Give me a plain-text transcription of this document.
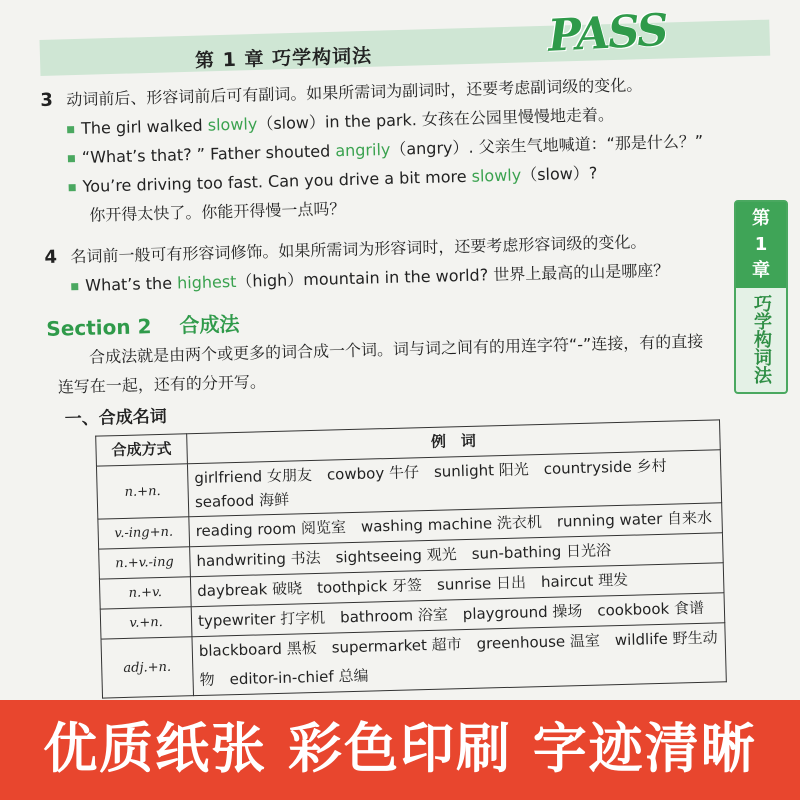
第 1 章 巧学构词法	PASS
第
1
章
巧学构词法
3 动词前后、形容词前后可有副词。如果所需词为副词时，还要考虑副词级的变化。
The girl walked slowly（slow）in the park. 女孩在公园里慢慢地走着。
“What’s that? ” Father shouted angrily（angry）. 父亲生气地喊道：“那是什么？”
You’re driving too fast. Can you drive a bit more slowly（slow）?
你开得太快了。你能开得慢一点吗？
4 名词前一般可有形容词修饰。如果所需词为形容词时，还要考虑形容词级的变化。
What’s the highest（high）mountain in the world? 世界上最高的山是哪座？
Section 2 合成法
合成法就是由两个或更多的词合成一个词。词与词之间有的用连字符“-”连接，有的直接连写在一起，还有的分开写。
一、合成名词
合成方式	例　词
n.+n.	girlfriend 女朋友　cowboy 牛仔　sunlight 阳光　countryside 乡村
seafood 海鲜

v.-ing+n.	reading room 阅览室　washing machine 洗衣机　running water 自来水
n.+v.-ing	handwriting 书法　sightseeing 观光　sun-bathing 日光浴
n.+v.	daybreak 破晓　toothpick 牙签　sunrise 日出　haircut 理发
v.+n.	typewriter 打字机　bathroom 浴室　playground 操场　cookbook 食谱
adj.+n.	blackboard 黑板　supermarket 超市　greenhouse 温室　wildlife 野生动物　editor-in-chief 总编
优质纸张 彩色印刷 字迹清晰
